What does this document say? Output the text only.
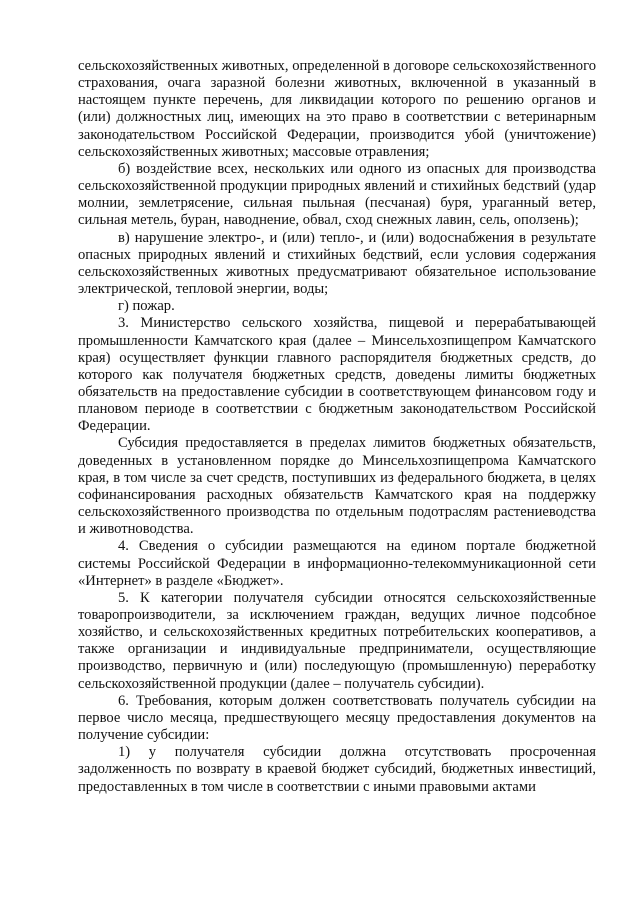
сельскохозяйственных животных, определенной в договоре сельскохозяйственного страхования, очага заразной болезни животных, включенной в указанный в настоящем пункте перечень, для ликвидации которого по решению органов и (или) должностных лиц, имеющих на это право в соответствии с ветеринарным законодательством Российской Федерации, производится убой (уничтожение) сельскохозяйственных животных; массовые отравления;

б) воздействие всех, нескольких или одного из опасных для производства сельскохозяйственной продукции природных явлений и стихийных бедствий (удар молнии, землетрясение, сильная пыльная (песчаная) буря, ураганный ветер, сильная метель, буран, наводнение, обвал, сход снежных лавин, сель, оползень);

в) нарушение электро-, и (или) тепло-, и (или) водоснабжения в результате опасных природных явлений и стихийных бедствий, если условия содержания сельскохозяйственных животных предусматривают обязательное использование электрической, тепловой энергии, воды;

г) пожар.

3. Министерство сельского хозяйства, пищевой и перерабатывающей промышленности Камчатского края (далее – Минсельхозпищепром Камчатского края) осуществляет функции главного распорядителя бюджетных средств, до которого как получателя бюджетных средств, доведены лимиты бюджетных обязательств на предоставление субсидии в соответствующем финансовом году и плановом периоде в соответствии с бюджетным законодательством Российской Федерации.

Субсидия предоставляется в пределах лимитов бюджетных обязательств, доведенных в установленном порядке до Минсельхозпищепрома Камчатского края, в том числе за счет средств, поступивших из федерального бюджета, в целях софинансирования расходных обязательств Камчатского края на поддержку сельскохозяйственного производства по отдельным подотраслям растениеводства и животноводства.

4. Сведения о субсидии размещаются на едином портале бюджетной системы Российской Федерации в информационно-телекоммуникационной сети «Интернет» в разделе «Бюджет».

5. К категории получателя субсидии относятся сельскохозяйственные товаропроизводители, за исключением граждан, ведущих личное подсобное хозяйство, и сельскохозяйственных кредитных потребительских кооперативов, а также организации и индивидуальные предприниматели, осуществляющие производство, первичную и (или) последующую (промышленную) переработку сельскохозяйственной продукции (далее – получатель субсидии).

6. Требования, которым должен соответствовать получатель субсидии на первое число месяца, предшествующего месяцу предоставления документов на получение субсидии:

1) у получателя субсидии должна отсутствовать просроченная задолженность по возврату в краевой бюджет субсидий, бюджетных инвестиций, предоставленных в том числе в соответствии с иными правовыми актами
